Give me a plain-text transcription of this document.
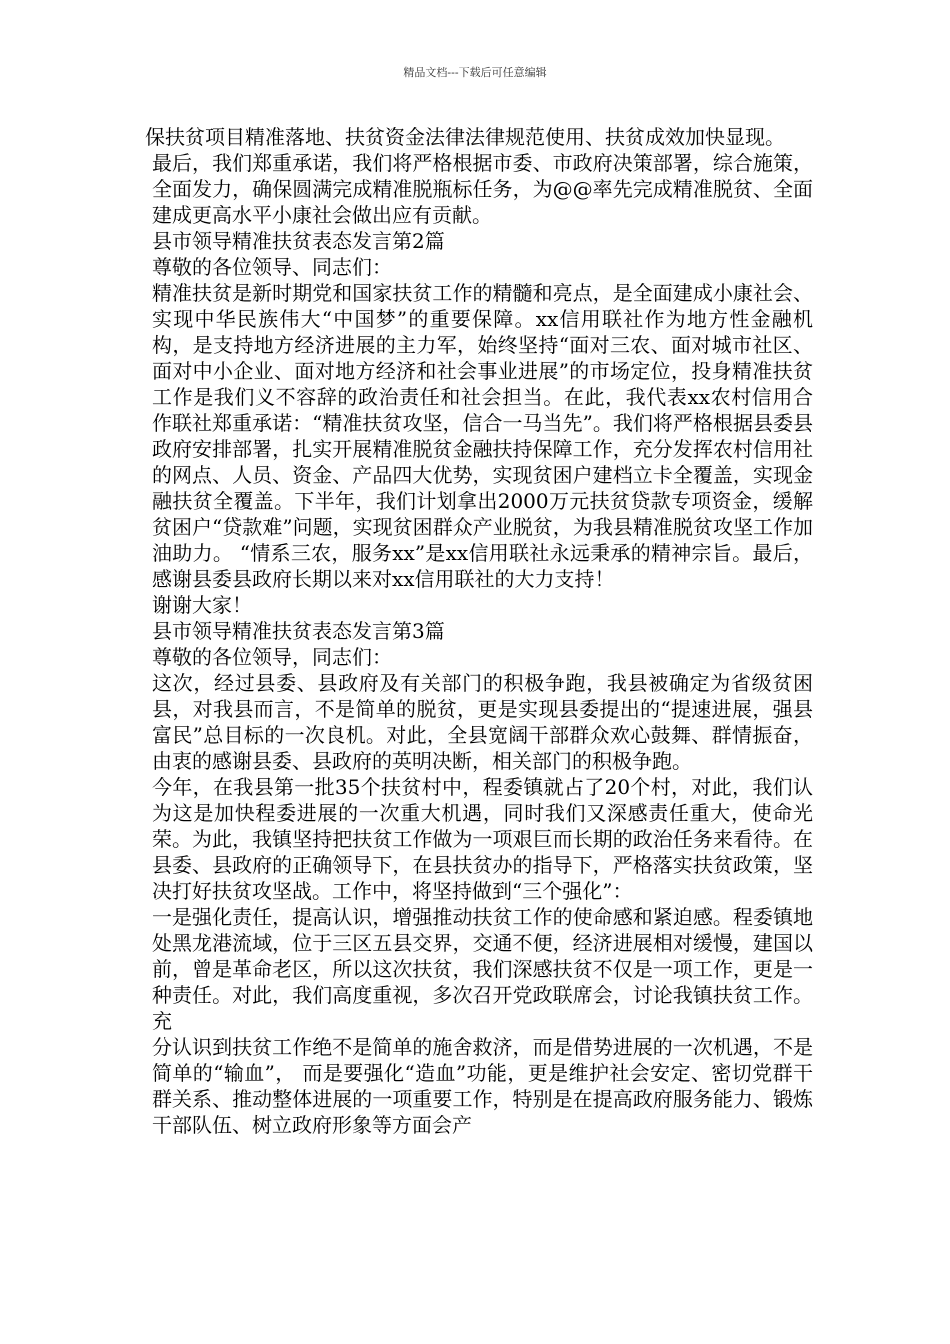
精品文档---下载后可任意编辑

保扶贫项目精准落地、扶贫资金法律法律规范使用、扶贫成效加快显现。

最后，我们郑重承诺，我们将严格根据市委、市政府决策部署，综合施策，全面发力，确保圆满完成精准脱瓶标任务，为@@率先完成精准脱贫、全面建成更高水平小康社会做出应有贡献。

县市领导精准扶贫表态发言第2篇

尊敬的各位领导、同志们：

精准扶贫是新时期党和国家扶贫工作的精髓和亮点，是全面建成小康社会、实现中华民族伟大“中国梦”的重要保障。xx信用联社作为地方性金融机构，是支持地方经济进展的主力军，始终坚持“面对三农、面对城市社区、面对中小企业、面对地方经济和社会事业进展”的市场定位，投身精准扶贫工作是我们义不容辞的政治责任和社会担当。在此，我代表xx农村信用合作联社郑重承诺：“精准扶贫攻坚，信合一马当先”。我们将严格根据县委县政府安排部署，扎实开展精准脱贫金融扶持保障工作，充分发挥农村信用社的网点、人员、资金、产品四大优势，实现贫困户建档立卡全覆盖，实现金融扶贫全覆盖。下半年，我们计划拿出2000万元扶贫贷款专项资金，缓解贫困户“贷款难”问题，实现贫困群众产业脱贫，为我县精准脱贫攻坚工作加油助力。 “情系三农，服务xx”是xx信用联社永远秉承的精神宗旨。最后，感谢县委县政府长期以来对xx信用联社的大力支持！

谢谢大家！

县市领导精准扶贫表态发言第3篇

尊敬的各位领导，同志们：

这次，经过县委、县政府及有关部门的积极争跑，我县被确定为省级贫困县，对我县而言，不是简单的脱贫，更是实现县委提出的“提速进展，强县富民”总目标的一次良机。对此，全县宽阔干部群众欢心鼓舞、群情振奋，由衷的感谢县委、县政府的英明决断，相关部门的积极争跑。

今年，在我县第一批35个扶贫村中，程委镇就占了20个村，对此，我们认为这是加快程委进展的一次重大机遇，同时我们又深感责任重大，使命光荣。为此，我镇坚持把扶贫工作做为一项艰巨而长期的政治任务来看待。在县委、县政府的正确领导下，在县扶贫办的指导下，严格落实扶贫政策，坚决打好扶贫攻坚战。工作中，将坚持做到“三个强化”：

一是强化责任，提高认识，增强推动扶贫工作的使命感和紧迫感。程委镇地处黑龙港流域，位于三区五县交界，交通不便，经济进展相对缓慢，建国以前，曾是革命老区，所以这次扶贫，我们深感扶贫不仅是一项工作，更是一种责任。对此，我们高度重视，多次召开党政联席会，讨论我镇扶贫工作。充

分认识到扶贫工作绝不是简单的施舍救济，而是借势进展的一次机遇，不是简单的“输血”， 而是要强化“造血”功能，更是维护社会安定、密切党群干群关系、推动整体进展的一项重要工作，特别是在提高政府服务能力、锻炼干部队伍、树立政府形象等方面会产
